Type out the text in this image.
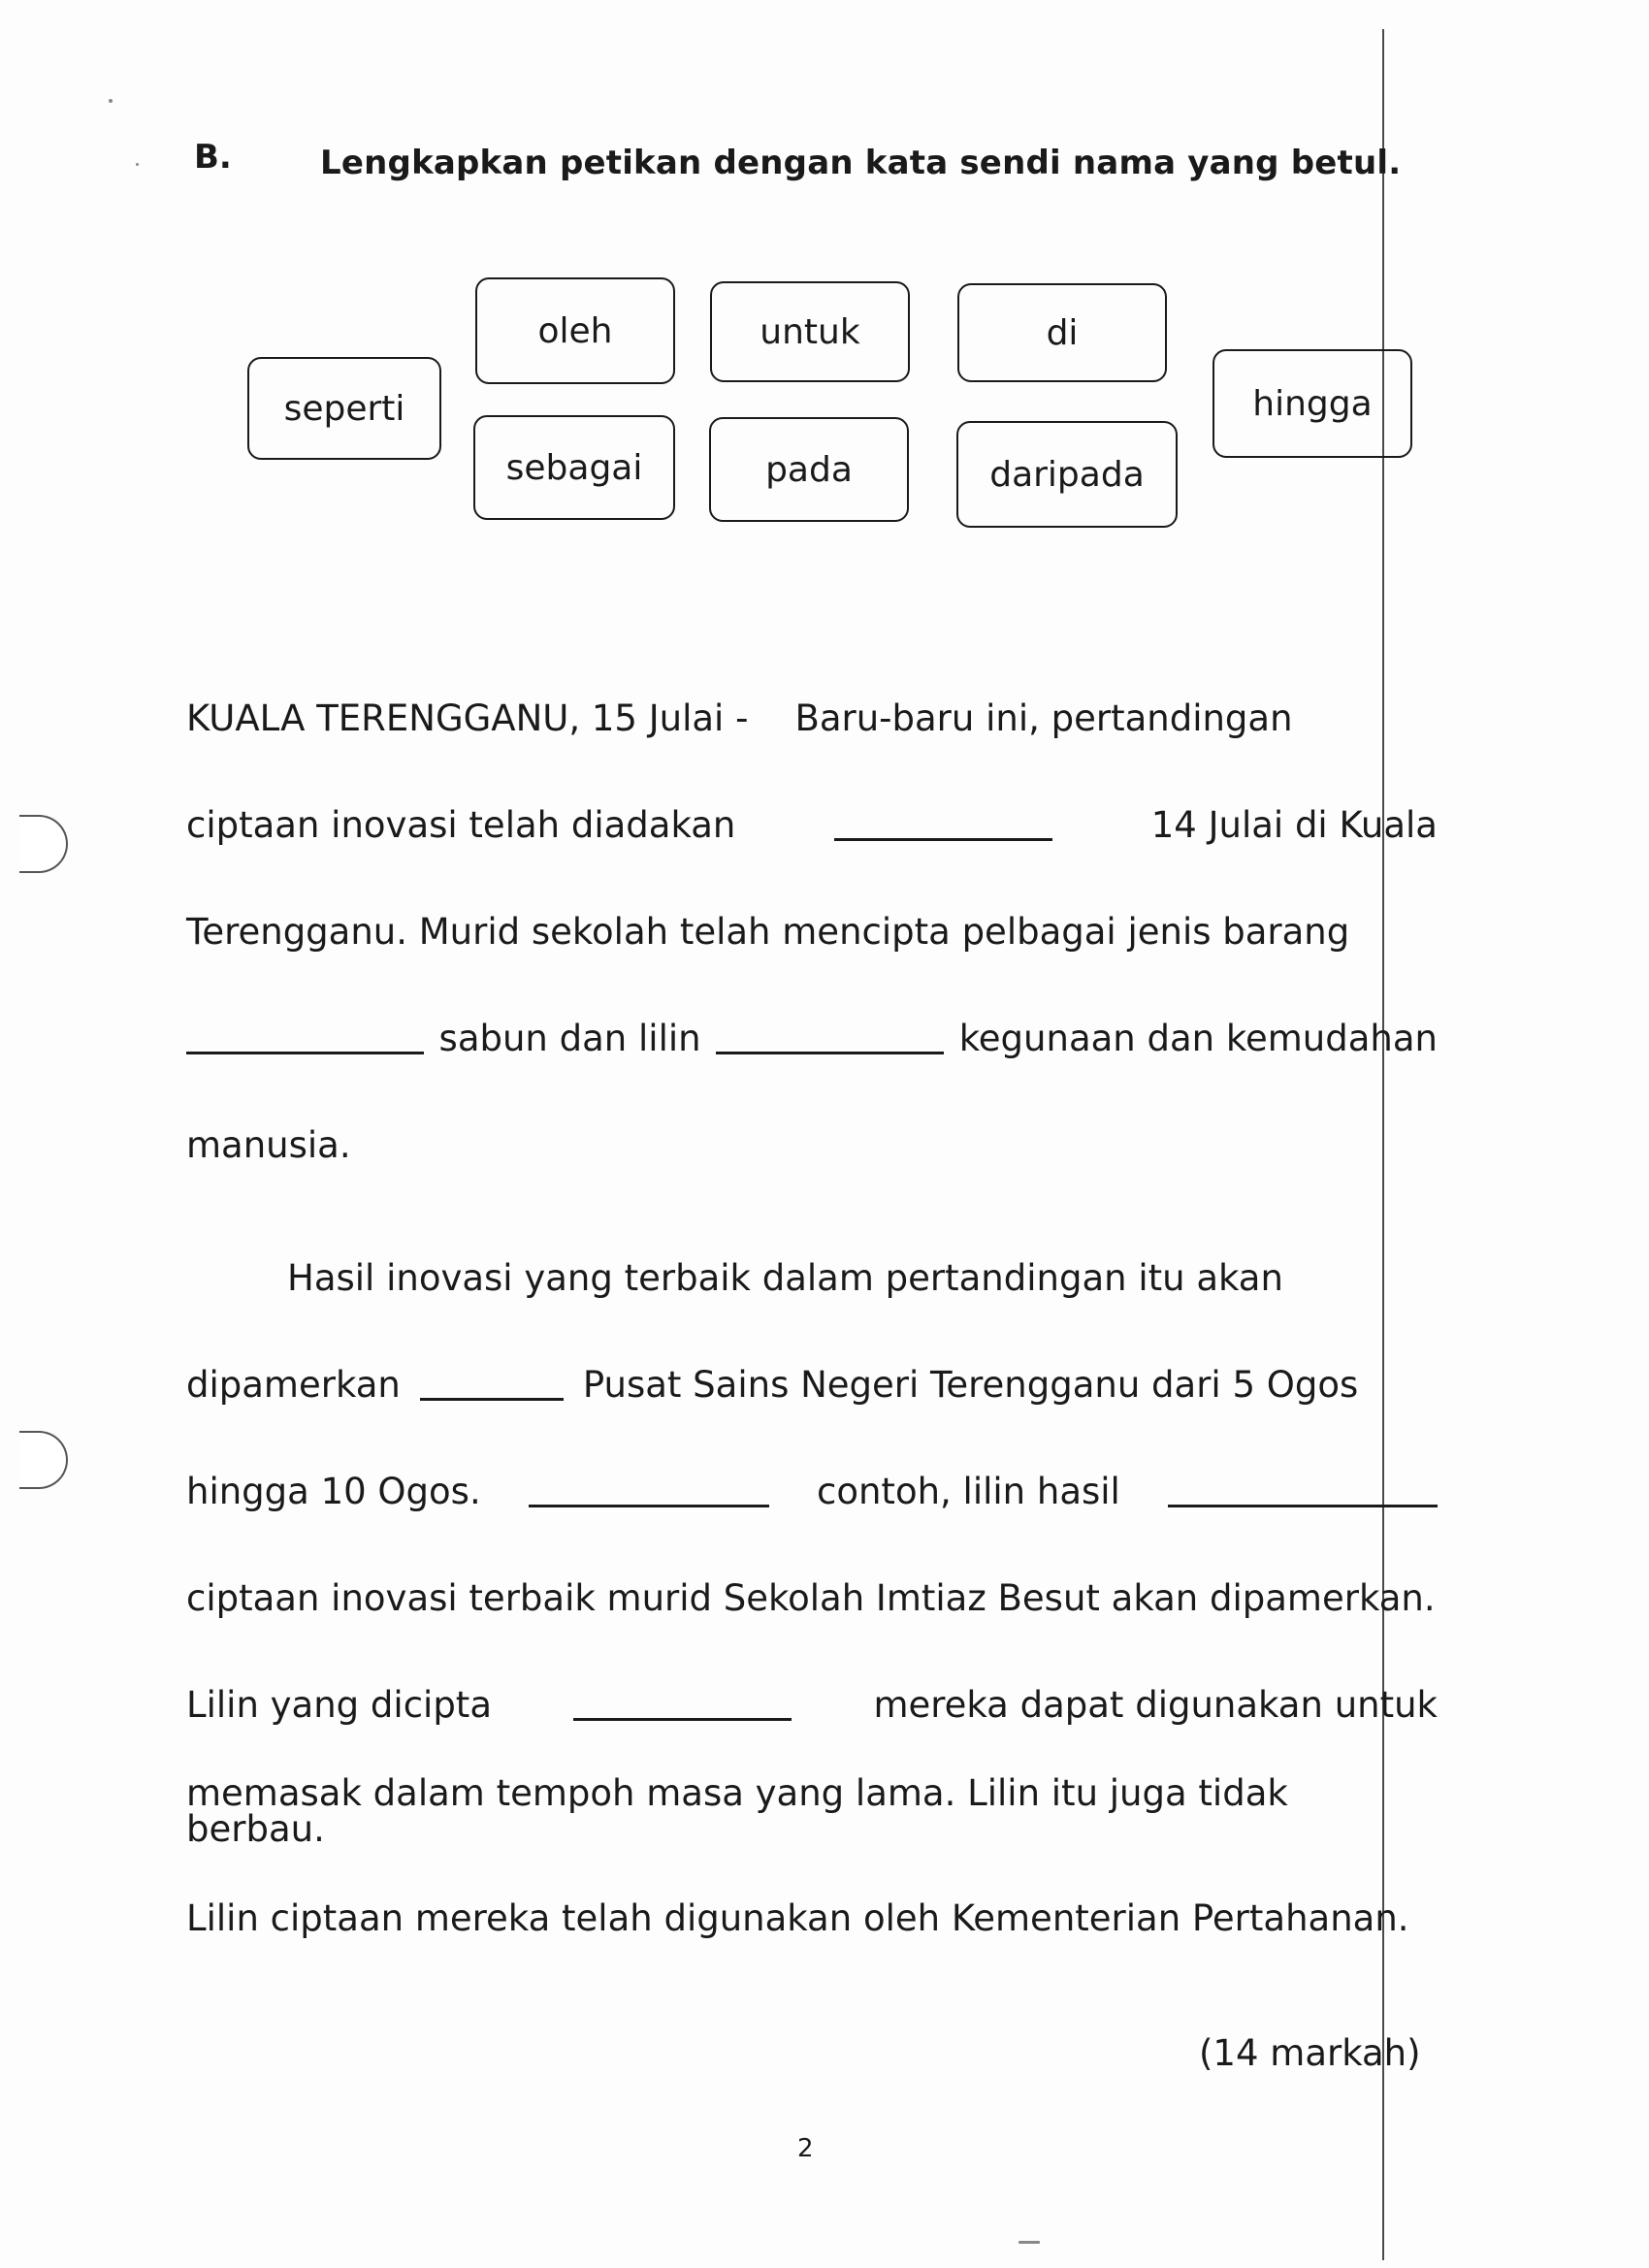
B.	Lengkapkan petikan dengan kata sendi nama yang betul.
seperti
oleh
sebagai
untuk
pada
di
daripada
hingga
KUALA TERENGGANU, 15 Julai - Baru-baru ini, pertandingan
ciptaan inovasi telah diadakan	14 Julai di Kuala
Terengganu. Murid sekolah telah mencipta pelbagai jenis barang
sabun dan lilin	kegunaan dan kemudahan
manusia.
Hasil inovasi yang terbaik dalam pertandingan itu akan
dipamerkan	Pusat Sains Negeri Terengganu dari 5 Ogos
hingga 10 Ogos.	contoh, lilin hasil
ciptaan inovasi terbaik murid Sekolah Imtiaz Besut akan dipamerkan.
Lilin yang dicipta	mereka dapat digunakan untuk
memasak dalam tempoh masa yang lama. Lilin itu juga tidak berbau.
Lilin ciptaan mereka telah digunakan oleh Kementerian Pertahanan.
(14 markah)
2
